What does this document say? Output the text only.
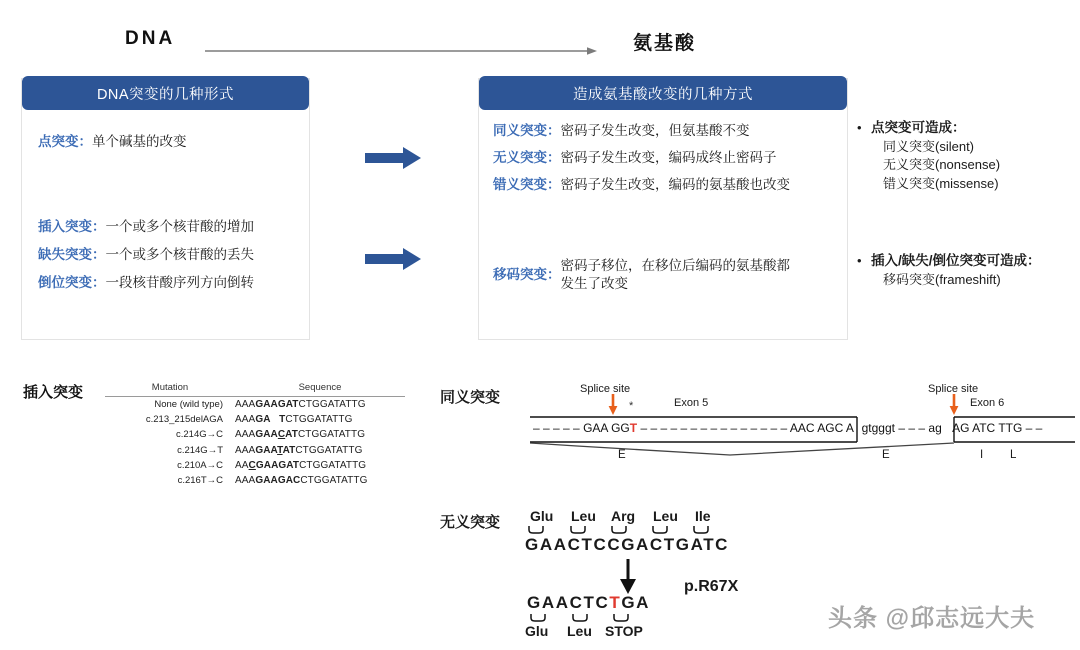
DNA	氨基酸
DNA突变的几种形式
点突变：单个碱基的改变
插入突变：一个或多个核苷酸的增加
缺失突变：一个或多个核苷酸的丢失
倒位突变：一段核苷酸序列方向倒转
造成氨基酸改变的几种方式
同义突变：密码子发生改变，但氨基酸不变
无义突变：密码子发生改变，编码成终止密码子
错义突变：密码子发生改变，编码的氨基酸也改变
移码突变：密码子移位，在移位后编码的氨基酸都
发生了改变
• 点突变可造成：
同义突变(silent)
无义突变(nonsense)
错义突变(missense)
• 插入/缺失/倒位突变可造成：
移码突变(frameshift)
插入突变	Mutation	Sequence
None (wild type)	AAAGAAGATCTGGATATTG
c.213_215delAGA	AAAGA TCTGGATATTG
c.214G→C	AAAGAACATCTGGATATTG
c.214G→T	AAAGAATATCTGGATATTG
c.210A→C	AACGAAGATCTGGATATTG
c.216T→C	AAAGAAGACCTGGATATTG
同义突变	Splice site	Splice site
*	Exon 5	Exon 6
– – – – – GAA GGT – – – – – – – – – – – – – – – AAC AGC A gtgggt – – – ag AG ATC TTG – –
E	E	I L
无义突变 Glu Leu Arg Leu Ile
GAACTCCGACTGATC
GAACTCTGA
Glu Leu STOP
p.R67X
头条 @邱志远大夫
